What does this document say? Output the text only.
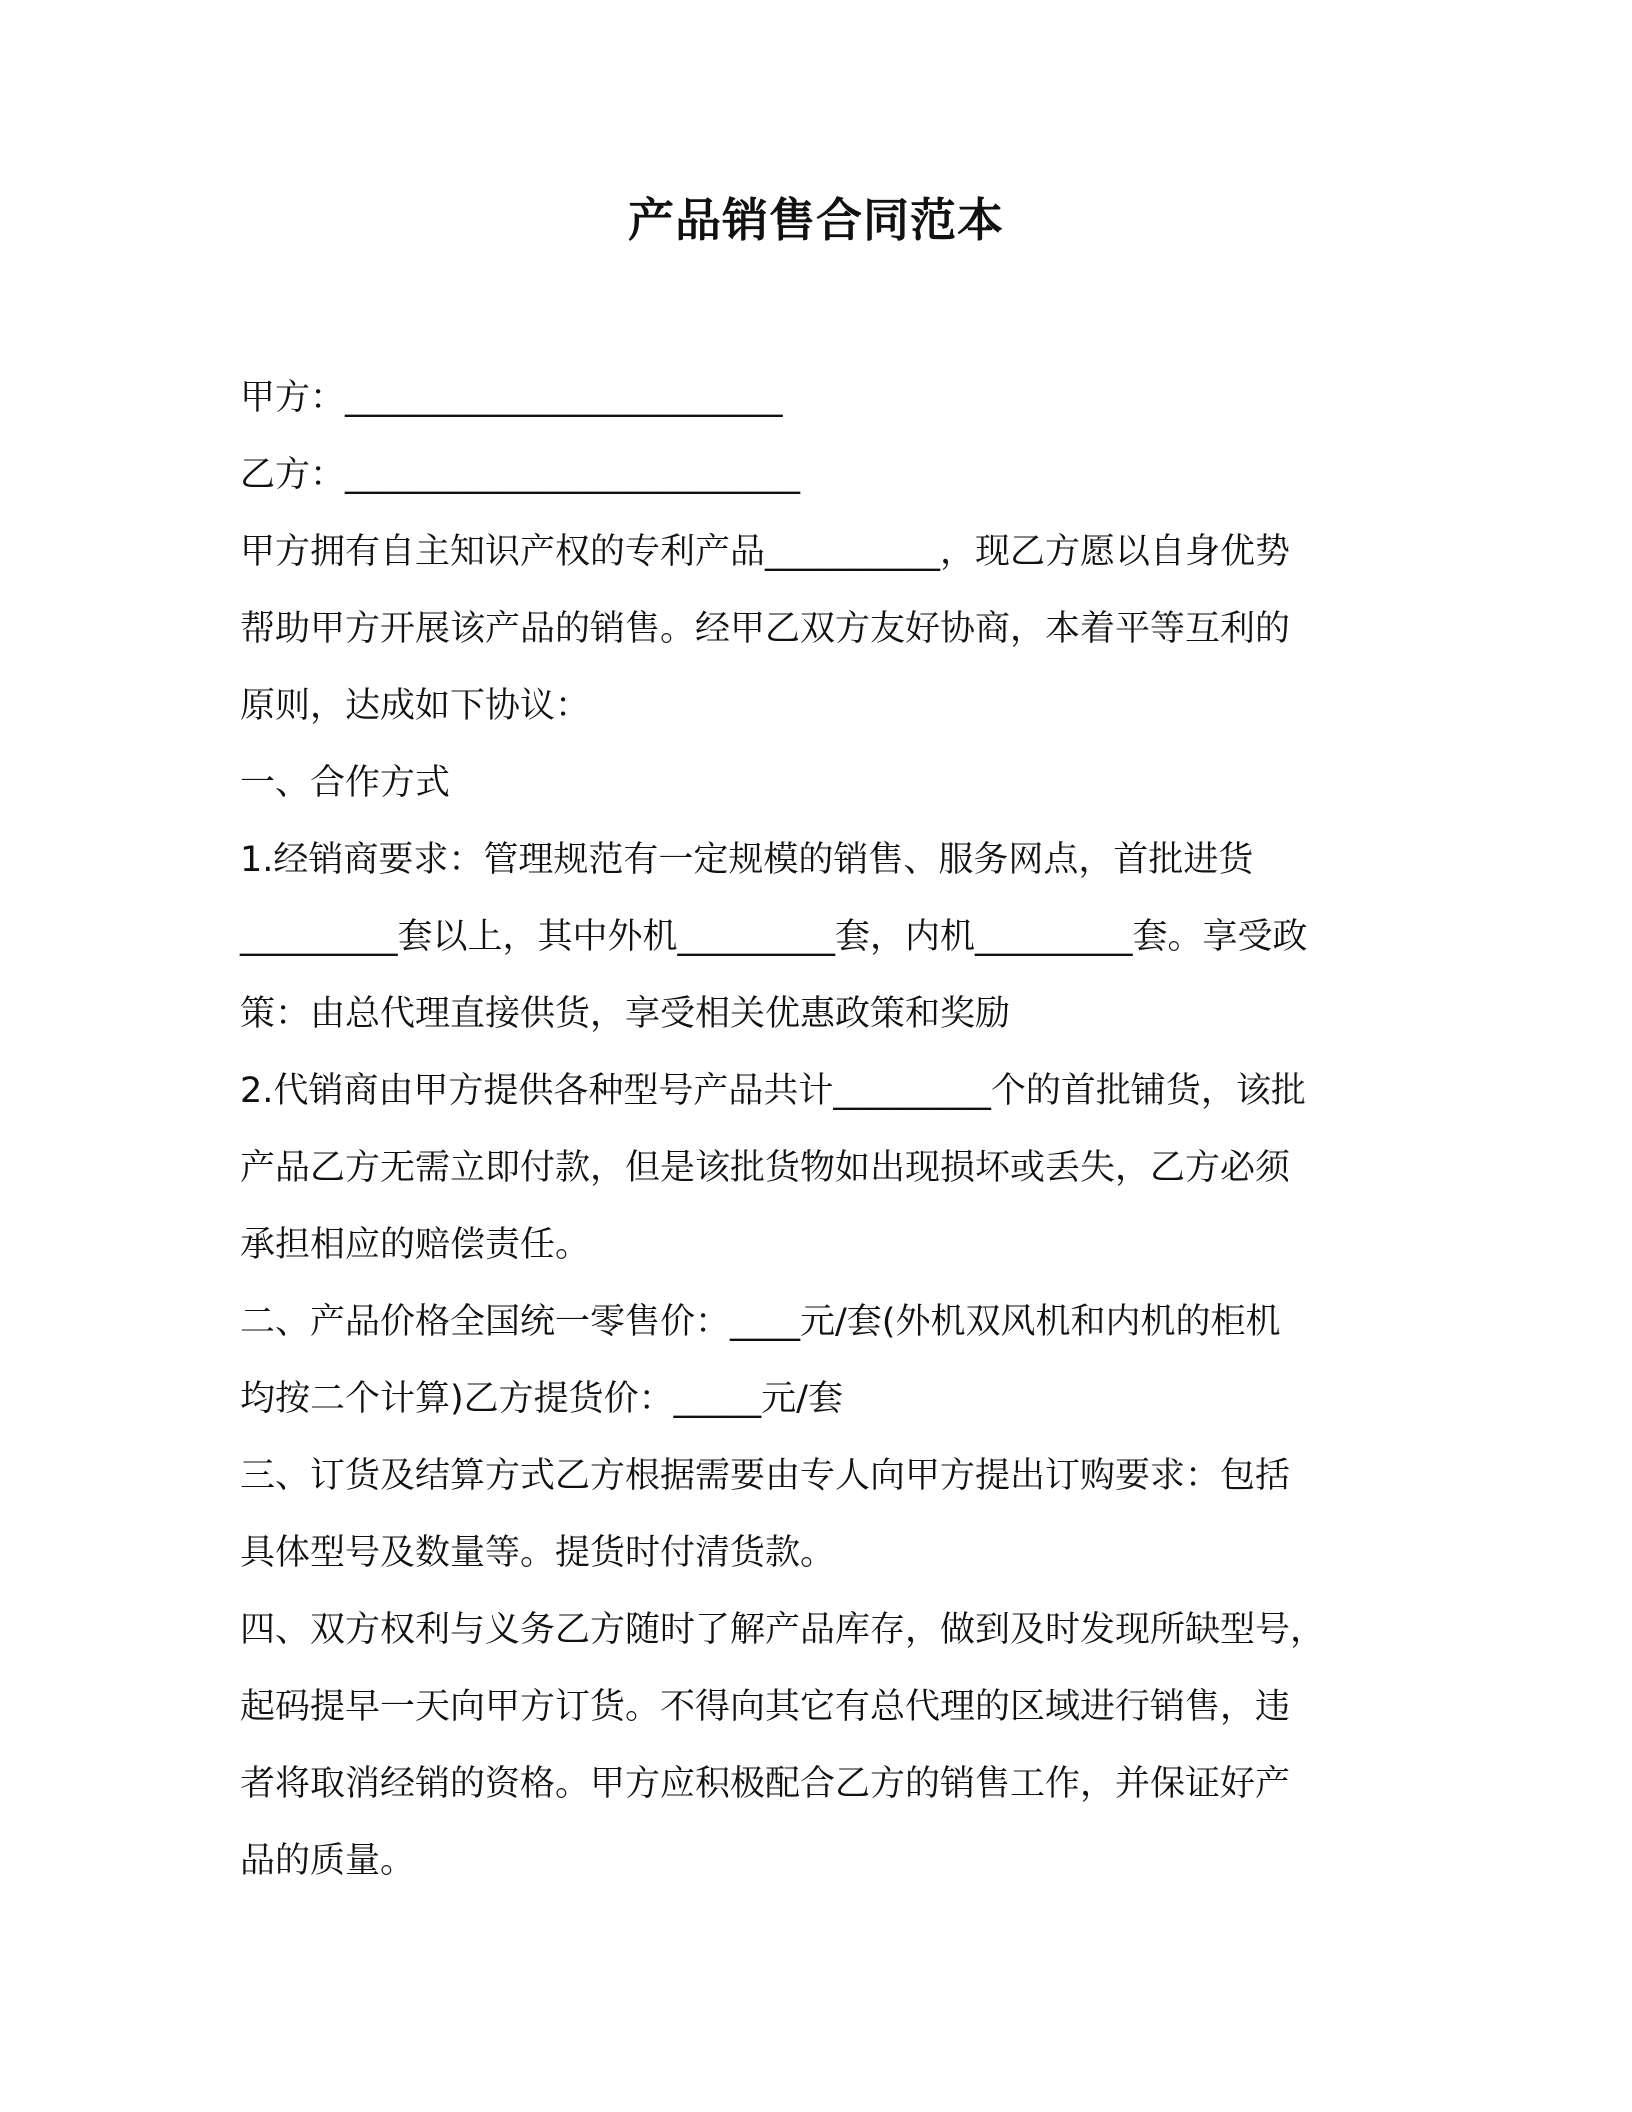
产品销售合同范本

甲方：_________________________

乙方：__________________________

甲方拥有自主知识产权的专利产品__________，现乙方愿以自身优势

帮助甲方开展该产品的销售。经甲乙双方友好协商，本着平等互利的

原则，达成如下协议：

一、合作方式

1.经销商要求：管理规范有一定规模的销售、服务网点，首批进货

_________套以上，其中外机_________套，内机_________套。享受政

策：由总代理直接供货，享受相关优惠政策和奖励

2.代销商由甲方提供各种型号产品共计_________个的首批铺货，该批

产品乙方无需立即付款，但是该批货物如出现损坏或丢失，乙方必须

承担相应的赔偿责任。

二、产品价格全国统一零售价：____元/套(外机双风机和内机的柜机

均按二个计算)乙方提货价：_____元/套

三、订货及结算方式乙方根据需要由专人向甲方提出订购要求：包括

具体型号及数量等。提货时付清货款。

四、双方权利与义务乙方随时了解产品库存，做到及时发现所缺型号，

起码提早一天向甲方订货。不得向其它有总代理的区域进行销售，违

者将取消经销的资格。甲方应积极配合乙方的销售工作，并保证好产

品的质量。
